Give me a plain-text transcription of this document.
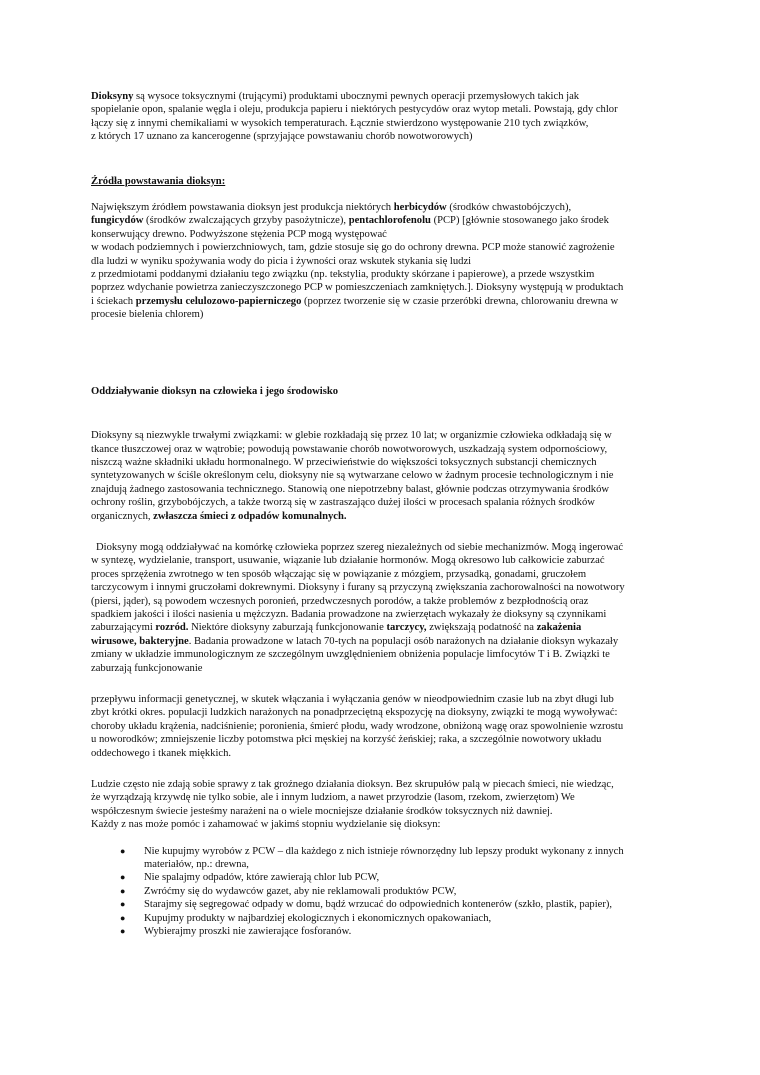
Dioksyny są wysoce toksycznymi (trującymi) produktami ubocznymi pewnych operacji przemysłowych takich jak
spopielanie opon, spalanie węgla i oleju, produkcja papieru i niektórych pestycydów oraz wytop metali. Powstają, gdy chlor
łączy się z innymi chemikaliami w wysokich temperaturach. Łącznie stwierdzono występowanie 210 tych związków,
z których 17 uznano za kancerogenne (sprzyjające powstawaniu chorób nowotworowych)

Źródła powstawania dioksyn:

Największym źródłem powstawania dioksyn jest produkcja niektórych herbicydów (środków chwastobójczych),
fungicydów (środków zwalczających grzyby pasożytnicze), pentachlorofenolu (PCP) [głównie stosowanego jako środek
konserwujący drewno. Podwyższone stężenia PCP mogą występować
w wodach podziemnych i powierzchniowych, tam, gdzie stosuje się go do ochrony drewna. PCP może stanowić zagrożenie
dla ludzi w wyniku spożywania wody do picia i żywności oraz wskutek stykania się ludzi
z przedmiotami poddanymi działaniu tego związku (np. tekstylia, produkty skórzane i papierowe), a przede wszystkim
poprzez wdychanie powietrza zanieczyszczonego PCP w pomieszczeniach zamkniętych.]. Dioksyny występują w produktach
i ściekach przemysłu celulozowo-papierniczego (poprzez tworzenie się w czasie przeróbki drewna, chlorowaniu drewna w
procesie bielenia chlorem)

Oddziaływanie dioksyn na człowieka i jego środowisko

Dioksyny są niezwykle trwałymi związkami: w glebie rozkładają się przez 10 lat; w organizmie człowieka odkładają się w
tkance tłuszczowej oraz w wątrobie; powodują powstawanie chorób nowotworowych, uszkadzają system odpornościowy,
niszczą ważne składniki układu hormonalnego. W przeciwieństwie do większości toksycznych substancji chemicznych
syntetyzowanych w ściśle określonym celu, dioksyny nie są wytwarzane celowo w żadnym procesie technologicznym i nie
znajdują żadnego zastosowania technicznego. Stanowią one niepotrzebny balast, głównie podczas otrzymywania środków
ochrony roślin, grzybobójczych, a także tworzą się w zastraszająco dużej ilości w procesach spalania różnych środków
organicznych, zwłaszcza śmieci z odpadów komunalnych.

Dioksyny mogą oddziaływać na komórkę człowieka poprzez szereg niezależnych od siebie mechanizmów. Mogą ingerować
w syntezę, wydzielanie, transport, usuwanie, wiązanie lub działanie hormonów. Mogą okresowo lub całkowicie zaburzać
proces sprzężenia zwrotnego w ten sposób włączając się w powiązanie z mózgiem, przysadką, gonadami, gruczołem
tarczycowym i innymi gruczołami dokrewnymi. Dioksyny i furany są przyczyną zwiększania zachorowalności na nowotwory
(piersi, jąder), są powodem wczesnych poronień, przedwczesnych porodów, a także problemów z bezpłodnością oraz
spadkiem jakości i ilości nasienia u mężczyzn. Badania prowadzone na zwierzętach wykazały że dioksyny są czynnikami
zaburzającymi rozród. Niektóre dioksyny zaburzają funkcjonowanie tarczycy, zwiększają podatność na zakażenia
wirusowe, bakteryjne. Badania prowadzone w latach 70-tych na populacji osób narażonych na działanie dioksyn wykazały
zmiany w układzie immunologicznym ze szczególnym uwzględnieniem obniżenia populacje limfocytów T i B. Związki te
zaburzają funkcjonowanie

przepływu informacji genetycznej, w skutek włączania i wyłączania genów w nieodpowiednim czasie lub na zbyt długi lub
zbyt krótki okres. populacji ludzkich narażonych na ponadprzeciętną ekspozycję na dioksyny, związki te mogą wywoływać:
choroby układu krążenia, nadciśnienie; poronienia, śmierć płodu, wady wrodzone, obniżoną wagę oraz spowolnienie wzrostu
u noworodków; zmniejszenie liczby potomstwa płci męskiej na korzyść żeńskiej; raka, a szczególnie nowotwory układu
oddechowego i tkanek miękkich.

Ludzie często nie zdają sobie sprawy z tak groźnego działania dioksyn. Bez skrupułów palą w piecach śmieci, nie wiedząc,
że wyrządzają krzywdę nie tylko sobie, ale i innym ludziom, a nawet przyrodzie (lasom, rzekom, zwierzętom) We
współczesnym świecie jesteśmy narażeni na o wiele mocniejsze działanie środków toksycznych niż dawniej.
Każdy z nas może pomóc i zahamować w jakimś stopniu wydzielanie się dioksyn:

● Nie kupujmy wyrobów z PCW – dla każdego z nich istnieje równorzędny lub lepszy produkt wykonany z innych
materiałów, np.: drewna,
● Nie spalajmy odpadów, które zawierają chlor lub PCW,
● Zwróćmy się do wydawców gazet, aby nie reklamowali produktów PCW,
● Starajmy się segregować odpady w domu, bądź wrzucać do odpowiednich kontenerów (szkło, plastik, papier),
● Kupujmy produkty w najbardziej ekologicznych i ekonomicznych opakowaniach,
● Wybierajmy proszki nie zawierające fosforanów.
